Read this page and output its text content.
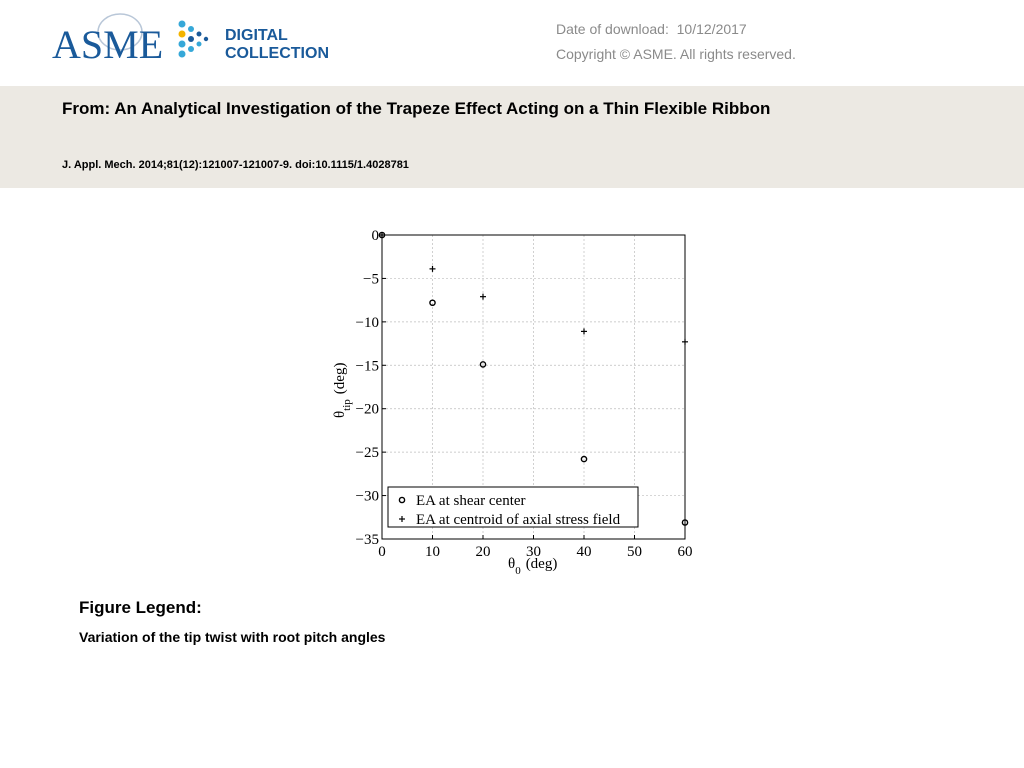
ASME	DIGITAL
COLLECTION
Date of download: 10/12/2017
Copyright © ASME. All rights reserved.
From: An Analytical Investigation of the Trapeze Effect Acting on a Thin Flexible Ribbon
J. Appl. Mech. 2014;81(12):121007-121007-9. doi:10.1115/1.4028781
0	10 20 30 40 50 60
0
−5
−10
−15
−20
−25
−30
−35
EA at shear center
EA at centroid of axial stress field
$\theta_0$ (deg)
$\theta_{tip}(deg)$
Figure Legend:
Variation of the tip twist with root pitch angles
